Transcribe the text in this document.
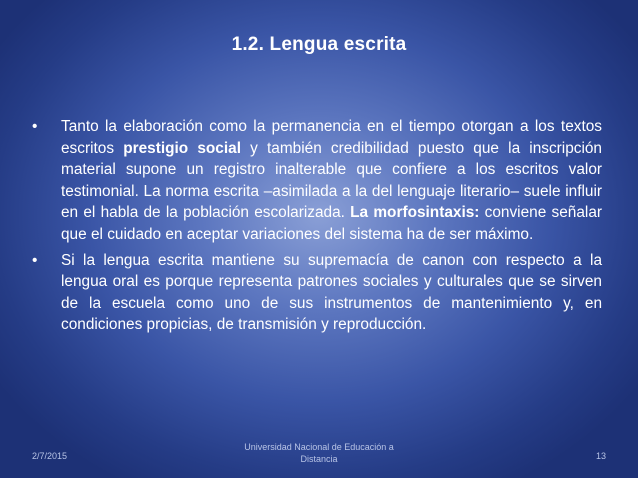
1.2. Lengua escrita
• Tanto la elaboración como la permanencia en el tiempo otorgan a los textos escritos prestigio social y también credibilidad puesto que la inscripción material supone un registro inalterable que confiere a los escritos valor testimonial. La norma escrita –asimilada a la del lenguaje literario– suele influir en el habla de la población escolarizada. La morfosintaxis: conviene señalar que el cuidado en aceptar variaciones del sistema ha de ser máximo.
• Si la lengua escrita mantiene su supremacía de canon con respecto a la lengua oral es porque representa patrones sociales y culturales que se sirven de la escuela como uno de sus instrumentos de mantenimiento y, en condiciones propicias, de transmisión y reproducción.
2/7/2015
Universidad Nacional de Educación a Distancia	13
